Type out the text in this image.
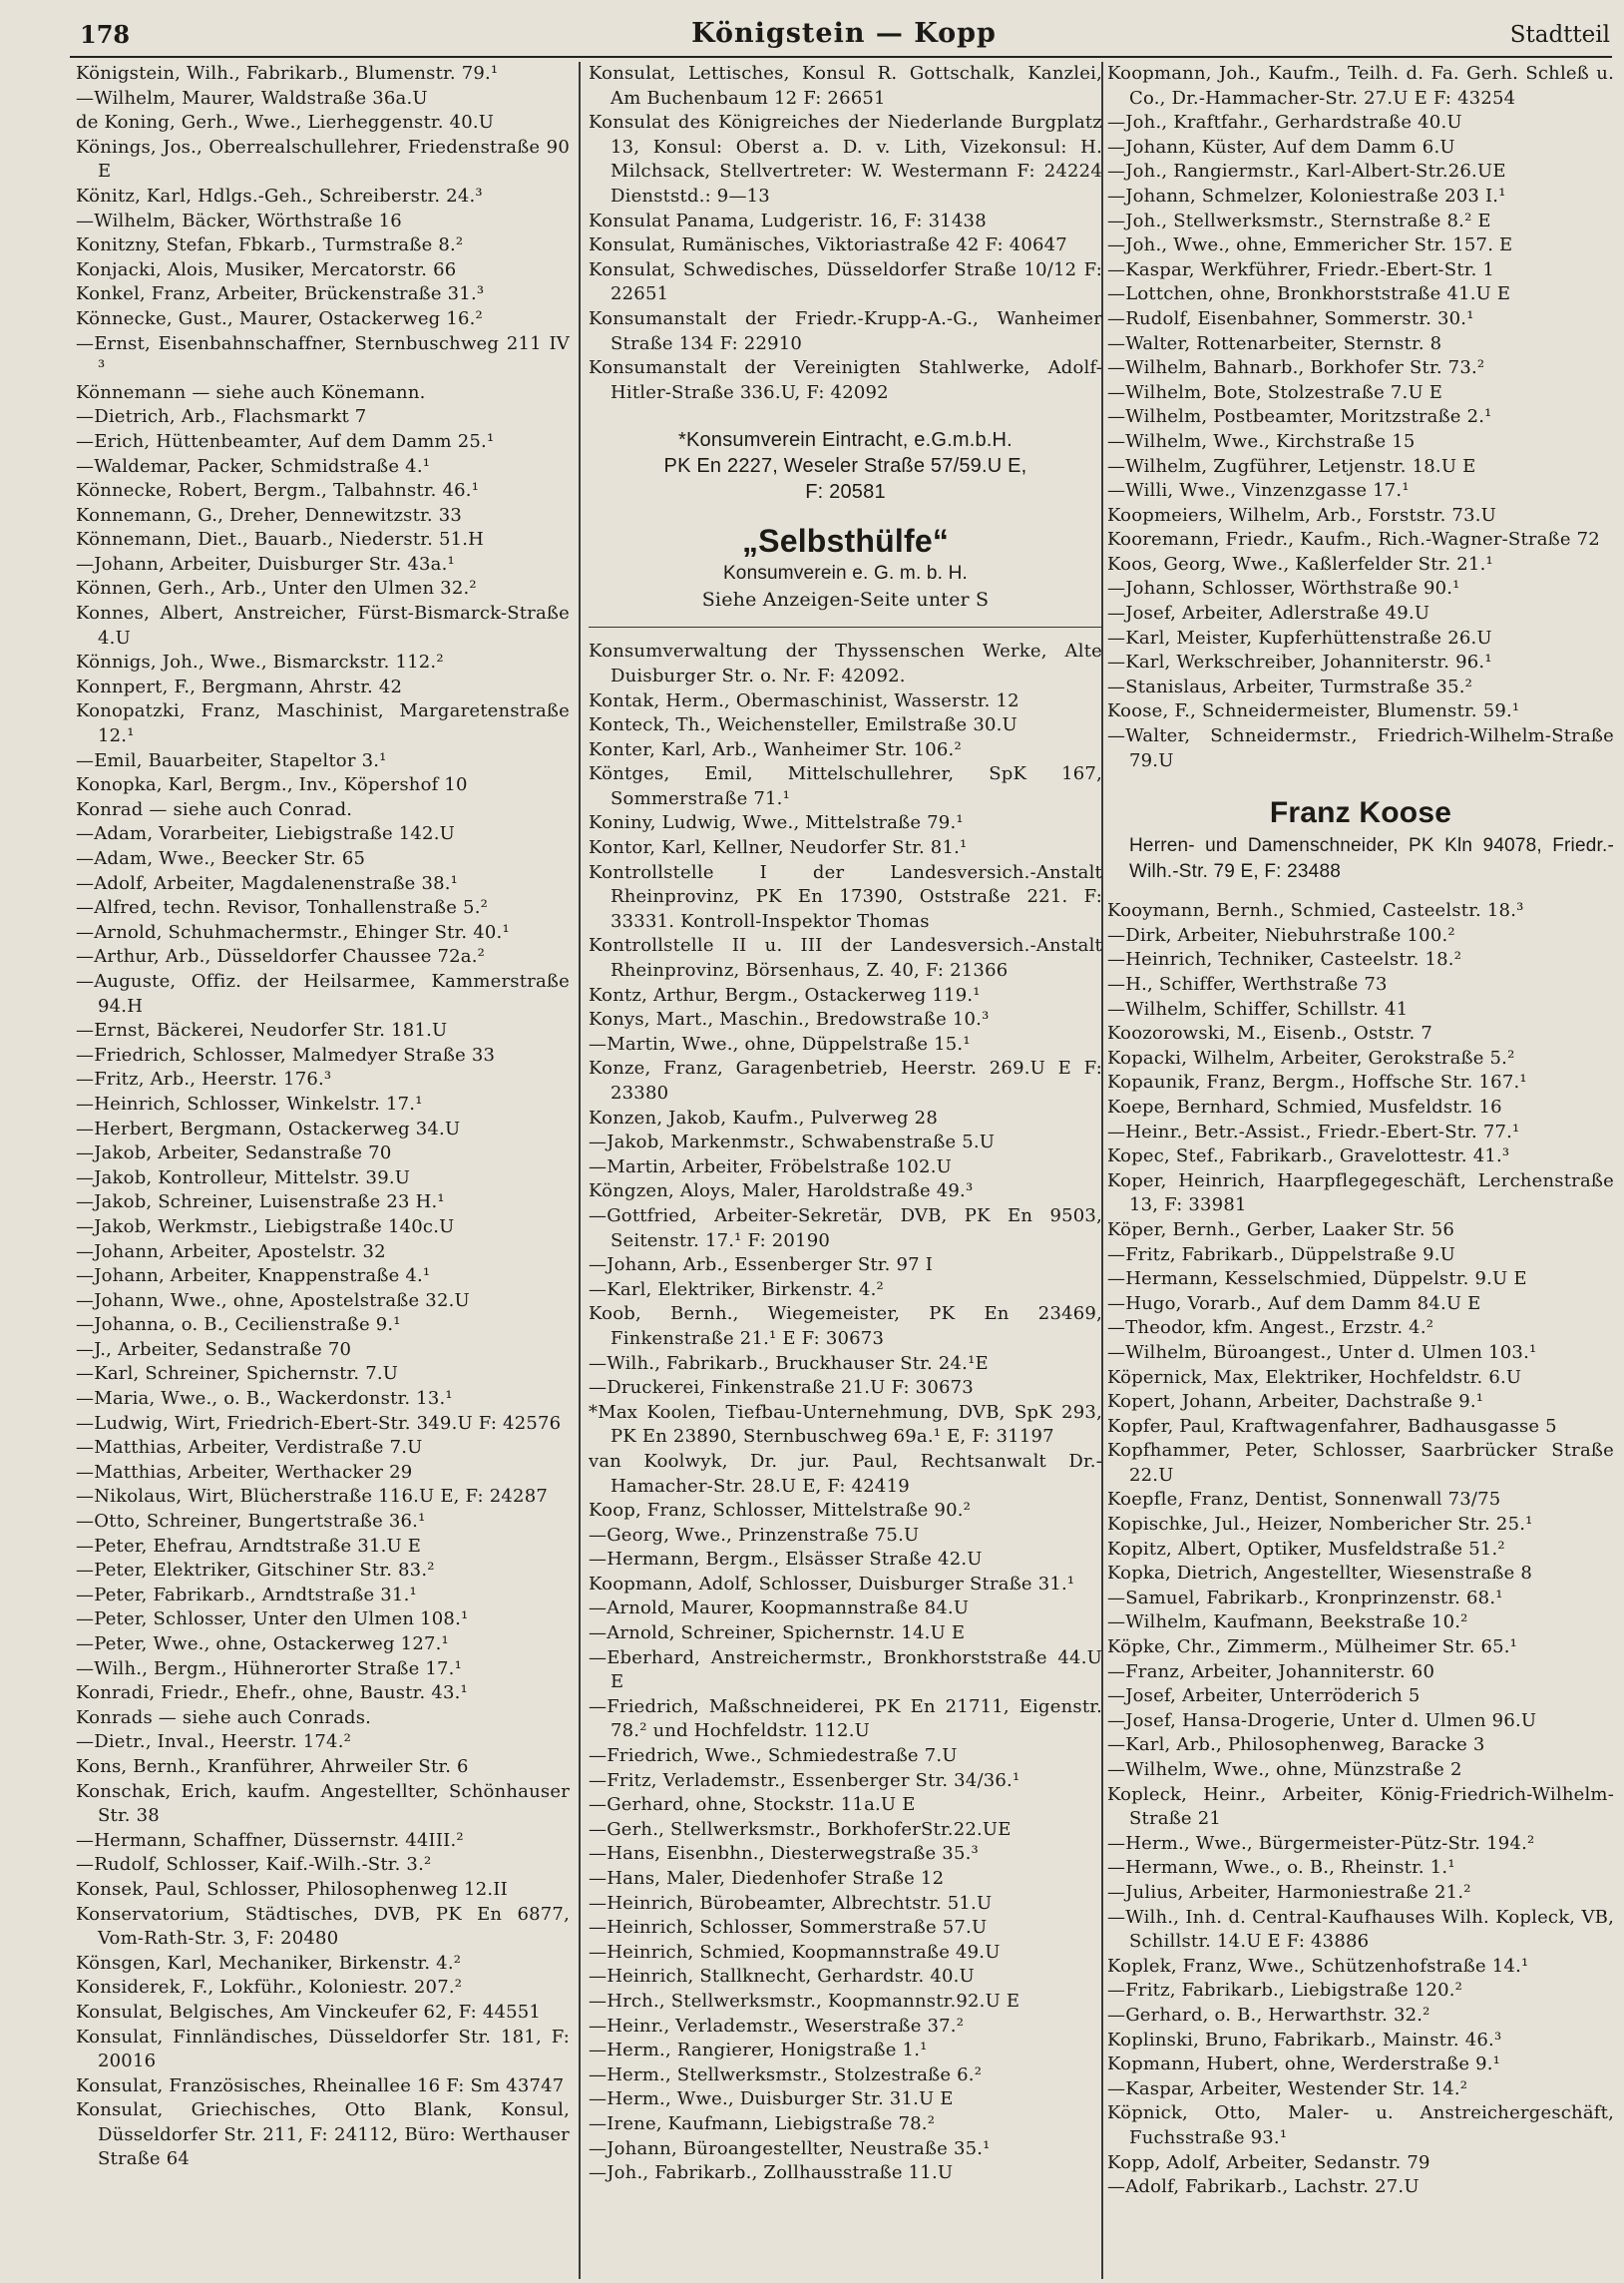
Königstein — Kopp
178	Stadtteil

Königstein, Wilh., Fabrikarb., Blumenstr. 79.¹

—Wilhelm, Maurer, Waldstraße 36a.U

de Koning, Gerh., Wwe., Lierheggenstr. 40.U

Könings, Jos., Oberrealschullehrer, Friedenstraße 90 E

Könitz, Karl, Hdlgs.-Geh., Schreiberstr. 24.³

—Wilhelm, Bäcker, Wörthstraße 16

Konitzny, Stefan, Fbkarb., Turmstraße 8.²

Konjacki, Alois, Musiker, Mercatorstr. 66

Konkel, Franz, Arbeiter, Brückenstraße 31.³

Könnecke, Gust., Maurer, Ostackerweg 16.²

—Ernst, Eisenbahnschaffner, Sternbuschweg 211 IV ³

Könnemann — siehe auch Könemann.

—Dietrich, Arb., Flachsmarkt 7

—Erich, Hüttenbeamter, Auf dem Damm 25.¹

—Waldemar, Packer, Schmidstraße 4.¹

Könnecke, Robert, Bergm., Talbahnstr. 46.¹

Konnemann, G., Dreher, Dennewitzstr. 33

Könnemann, Diet., Bauarb., Niederstr. 51.H

—Johann, Arbeiter, Duisburger Str. 43a.¹

Können, Gerh., Arb., Unter den Ulmen 32.²

Konnes, Albert, Anstreicher, Fürst-Bismarck-Straße 4.U

Könnigs, Joh., Wwe., Bismarckstr. 112.²

Konnpert, F., Bergmann, Ahrstr. 42

Konopatzki, Franz, Maschinist, Margaretenstraße 12.¹

—Emil, Bauarbeiter, Stapeltor 3.¹

Konopka, Karl, Bergm., Inv., Köpershof 10

Konrad — siehe auch Conrad.

—Adam, Vorarbeiter, Liebigstraße 142.U

—Adam, Wwe., Beecker Str. 65

—Adolf, Arbeiter, Magdalenenstraße 38.¹

—Alfred, techn. Revisor, Tonhallenstraße 5.²

—Arnold, Schuhmachermstr., Ehinger Str. 40.¹

—Arthur, Arb., Düsseldorfer Chaussee 72a.²

—Auguste, Offiz. der Heilsarmee, Kammerstraße 94.H

—Ernst, Bäckerei, Neudorfer Str. 181.U

—Friedrich, Schlosser, Malmedyer Straße 33

—Fritz, Arb., Heerstr. 176.³

—Heinrich, Schlosser, Winkelstr. 17.¹

—Herbert, Bergmann, Ostackerweg 34.U

—Jakob, Arbeiter, Sedanstraße 70

—Jakob, Kontrolleur, Mittelstr. 39.U

—Jakob, Schreiner, Luisenstraße 23 H.¹

—Jakob, Werkmstr., Liebigstraße 140c.U

—Johann, Arbeiter, Apostelstr. 32

—Johann, Arbeiter, Knappenstraße 4.¹

—Johann, Wwe., ohne, Apostelstraße 32.U

—Johanna, o. B., Cecilienstraße 9.¹

—J., Arbeiter, Sedanstraße 70

—Karl, Schreiner, Spichernstr. 7.U

—Maria, Wwe., o. B., Wackerdonstr. 13.¹

—Ludwig, Wirt, Friedrich-Ebert-Str. 349.U F: 42576

—Matthias, Arbeiter, Verdistraße 7.U

—Matthias, Arbeiter, Werthacker 29

—Nikolaus, Wirt, Blücherstraße 116.U E, F: 24287

—Otto, Schreiner, Bungertstraße 36.¹

—Peter, Ehefrau, Arndtstraße 31.U E

—Peter, Elektriker, Gitschiner Str. 83.²

—Peter, Fabrikarb., Arndtstraße 31.¹

—Peter, Schlosser, Unter den Ulmen 108.¹

—Peter, Wwe., ohne, Ostackerweg 127.¹

—Wilh., Bergm., Hühnerorter Straße 17.¹

Konradi, Friedr., Ehefr., ohne, Baustr. 43.¹

Konrads — siehe auch Conrads.

—Dietr., Inval., Heerstr. 174.²

Kons, Bernh., Kranführer, Ahrweiler Str. 6

Konschak, Erich, kaufm. Angestellter, Schönhauser Str. 38

—Hermann, Schaffner, Düssernstr. 44III.²

—Rudolf, Schlosser, Kaif.-Wilh.-Str. 3.²

Konsek, Paul, Schlosser, Philosophenweg 12.II

Konservatorium, Städtisches, DVB, PK En 6877, Vom-Rath-Str. 3, F: 20480

Könsgen, Karl, Mechaniker, Birkenstr. 4.²

Konsiderek, F., Lokführ., Koloniestr. 207.²

Konsulat, Belgisches, Am Vinckeufer 62, F: 44551

Konsulat, Finnländisches, Düsseldorfer Str. 181, F: 20016

Konsulat, Französisches, Rheinallee 16 F: Sm 43747

Konsulat, Griechisches, Otto Blank, Konsul, Düsseldorfer Str. 211, F: 24112, Büro: Werthauser Straße 64

Konsulat, Lettisches, Konsul R. Gottschalk, Kanzlei, Am Buchenbaum 12 F: 26651

Konsulat des Königreiches der Niederlande Burgplatz 13, Konsul: Oberst a. D. v. Lith, Vizekonsul: H. Milchsack, Stellvertreter: W. Westermann F: 24224 Dienststd.: 9—13

Konsulat Panama, Ludgeristr. 16, F: 31438

Konsulat, Rumänisches, Viktoriastraße 42 F: 40647

Konsulat, Schwedisches, Düsseldorfer Straße 10/12 F: 22651

Konsumanstalt der Friedr.-Krupp-A.-G., Wanheimer Straße 134 F: 22910

Konsumanstalt der Vereinigten Stahlwerke, Adolf-Hitler-Straße 336.U, F: 42092

*Konsumverein Eintracht, e.G.m.b.H.
PK En 2227, Weseler Straße 57/59.U E,
F: 20581
„Selbsthülfe“
Konsumverein e. G. m. b. H.
Siehe Anzeigen-Seite unter S

Konsumverwaltung der Thyssenschen Werke, Alte Duisburger Str. o. Nr. F: 42092.

Kontak, Herm., Obermaschinist, Wasserstr. 12

Konteck, Th., Weichensteller, Emilstraße 30.U

Konter, Karl, Arb., Wanheimer Str. 106.²

Köntges, Emil, Mittelschullehrer, SpK 167, Sommerstraße 71.¹

Koniny, Ludwig, Wwe., Mittelstraße 79.¹

Kontor, Karl, Kellner, Neudorfer Str. 81.¹

Kontrollstelle I der Landesversich.-Anstalt Rheinprovinz, PK En 17390, Oststraße 221. F: 33331. Kontroll-Inspektor Thomas

Kontrollstelle II u. III der Landesversich.-Anstalt Rheinprovinz, Börsenhaus, Z. 40, F: 21366

Kontz, Arthur, Bergm., Ostackerweg 119.¹

Konys, Mart., Maschin., Bredowstraße 10.³

—Martin, Wwe., ohne, Düppelstraße 15.¹

Konze, Franz, Garagenbetrieb, Heerstr. 269.U E F: 23380

Konzen, Jakob, Kaufm., Pulverweg 28

—Jakob, Markenmstr., Schwabenstraße 5.U

—Martin, Arbeiter, Fröbelstraße 102.U

Köngzen, Aloys, Maler, Haroldstraße 49.³

—Gottfried, Arbeiter-Sekretär, DVB, PK En 9503, Seitenstr. 17.¹ F: 20190

—Johann, Arb., Essenberger Str. 97 I

—Karl, Elektriker, Birkenstr. 4.²

Koob, Bernh., Wiegemeister, PK En 23469, Finkenstraße 21.¹ E F: 30673

—Wilh., Fabrikarb., Bruckhauser Str. 24.¹E

—Druckerei, Finkenstraße 21.U F: 30673

*Max Koolen, Tiefbau-Unternehmung, DVB, SpK 293, PK En 23890, Sternbuschweg 69a.¹ E, F: 31197

van Koolwyk, Dr. jur. Paul, Rechtsanwalt Dr.-Hamacher-Str. 28.U E, F: 42419

Koop, Franz, Schlosser, Mittelstraße 90.²

—Georg, Wwe., Prinzenstraße 75.U

—Hermann, Bergm., Elsässer Straße 42.U

Koopmann, Adolf, Schlosser, Duisburger Straße 31.¹

—Arnold, Maurer, Koopmannstraße 84.U

—Arnold, Schreiner, Spichernstr. 14.U E

—Eberhard, Anstreichermstr., Bronkhorststraße 44.U E

—Friedrich, Maßschneiderei, PK En 21711, Eigenstr. 78.² und Hochfeldstr. 112.U

—Friedrich, Wwe., Schmiedestraße 7.U

—Fritz, Verlademstr., Essenberger Str. 34/36.¹

—Gerhard, ohne, Stockstr. 11a.U E

—Gerh., Stellwerksmstr., BorkhoferStr.22.UE

—Hans, Eisenbhn., Diesterwegstraße 35.³

—Hans, Maler, Diedenhofer Straße 12

—Heinrich, Bürobeamter, Albrechtstr. 51.U

—Heinrich, Schlosser, Sommerstraße 57.U

—Heinrich, Schmied, Koopmannstraße 49.U

—Heinrich, Stallknecht, Gerhardstr. 40.U

—Hrch., Stellwerksmstr., Koopmannstr.92.U E

—Heinr., Verlademstr., Weserstraße 37.²

—Herm., Rangierer, Honigstraße 1.¹

—Herm., Stellwerksmstr., Stolzestraße 6.²

—Herm., Wwe., Duisburger Str. 31.U E

—Irene, Kaufmann, Liebigstraße 78.²

—Johann, Büroangestellter, Neustraße 35.¹

—Joh., Fabrikarb., Zollhausstraße 11.U

Koopmann, Joh., Kaufm., Teilh. d. Fa. Gerh. Schleß u. Co., Dr.-Hammacher-Str. 27.U E F: 43254

—Joh., Kraftfahr., Gerhardstraße 40.U

—Johann, Küster, Auf dem Damm 6.U

—Joh., Rangiermstr., Karl-Albert-Str.26.UE

—Johann, Schmelzer, Koloniestraße 203 I.¹

—Joh., Stellwerksmstr., Sternstraße 8.² E

—Joh., Wwe., ohne, Emmericher Str. 157. E

—Kaspar, Werkführer, Friedr.-Ebert-Str. 1

—Lottchen, ohne, Bronkhorststraße 41.U E

—Rudolf, Eisenbahner, Sommerstr. 30.¹

—Walter, Rottenarbeiter, Sternstr. 8

—Wilhelm, Bahnarb., Borkhofer Str. 73.²

—Wilhelm, Bote, Stolzestraße 7.U E

—Wilhelm, Postbeamter, Moritzstraße 2.¹

—Wilhelm, Wwe., Kirchstraße 15

—Wilhelm, Zugführer, Letjenstr. 18.U E

—Willi, Wwe., Vinzenzgasse 17.¹

Koopmeiers, Wilhelm, Arb., Forststr. 73.U

Kooremann, Friedr., Kaufm., Rich.-Wagner-Straße 72

Koos, Georg, Wwe., Kaßlerfelder Str. 21.¹

—Johann, Schlosser, Wörthstraße 90.¹

—Josef, Arbeiter, Adlerstraße 49.U

—Karl, Meister, Kupferhüttenstraße 26.U

—Karl, Werkschreiber, Johanniterstr. 96.¹

—Stanislaus, Arbeiter, Turmstraße 35.²

Koose, F., Schneidermeister, Blumenstr. 59.¹

—Walter, Schneidermstr., Friedrich-Wilhelm-Straße 79.U

Franz Koose
Herren- und Damenschneider, PK Kln 94078, Friedr.-Wilh.-Str. 79 E, F: 23488

Kooymann, Bernh., Schmied, Casteelstr. 18.³

—Dirk, Arbeiter, Niebuhrstraße 100.²

—Heinrich, Techniker, Casteelstr. 18.²

—H., Schiffer, Werthstraße 73

—Wilhelm, Schiffer, Schillstr. 41

Koozorowski, M., Eisenb., Oststr. 7

Kopacki, Wilhelm, Arbeiter, Gerokstraße 5.²

Kopaunik, Franz, Bergm., Hoffsche Str. 167.¹

Koepe, Bernhard, Schmied, Musfeldstr. 16

—Heinr., Betr.-Assist., Friedr.-Ebert-Str. 77.¹

Kopec, Stef., Fabrikarb., Gravelottestr. 41.³

Koper, Heinrich, Haarpflegegeschäft, Lerchenstraße 13, F: 33981

Köper, Bernh., Gerber, Laaker Str. 56

—Fritz, Fabrikarb., Düppelstraße 9.U

—Hermann, Kesselschmied, Düppelstr. 9.U E

—Hugo, Vorarb., Auf dem Damm 84.U E

—Theodor, kfm. Angest., Erzstr. 4.²

—Wilhelm, Büroangest., Unter d. Ulmen 103.¹

Köpernick, Max, Elektriker, Hochfeldstr. 6.U

Kopert, Johann, Arbeiter, Dachstraße 9.¹

Kopfer, Paul, Kraftwagenfahrer, Badhausgasse 5

Kopfhammer, Peter, Schlosser, Saarbrücker Straße 22.U

Koepfle, Franz, Dentist, Sonnenwall 73/75

Kopischke, Jul., Heizer, Nombericher Str. 25.¹

Kopitz, Albert, Optiker, Musfeldstraße 51.²

Kopka, Dietrich, Angestellter, Wiesenstraße 8

—Samuel, Fabrikarb., Kronprinzenstr. 68.¹

—Wilhelm, Kaufmann, Beekstraße 10.²

Köpke, Chr., Zimmerm., Mülheimer Str. 65.¹

—Franz, Arbeiter, Johanniterstr. 60

—Josef, Arbeiter, Unterröderich 5

—Josef, Hansa-Drogerie, Unter d. Ulmen 96.U

—Karl, Arb., Philosophenweg, Baracke 3

—Wilhelm, Wwe., ohne, Münzstraße 2

Kopleck, Heinr., Arbeiter, König-Friedrich-Wilhelm-Straße 21

—Herm., Wwe., Bürgermeister-Pütz-Str. 194.²

—Hermann, Wwe., o. B., Rheinstr. 1.¹

—Julius, Arbeiter, Harmoniestraße 21.²

—Wilh., Inh. d. Central-Kaufhauses Wilh. Kopleck, VB, Schillstr. 14.U E F: 43886

Koplek, Franz, Wwe., Schützenhofstraße 14.¹

—Fritz, Fabrikarb., Liebigstraße 120.²

—Gerhard, o. B., Herwarthstr. 32.²

Koplinski, Bruno, Fabrikarb., Mainstr. 46.³

Kopmann, Hubert, ohne, Werderstraße 9.¹

—Kaspar, Arbeiter, Westender Str. 14.²

Köpnick, Otto, Maler- u. Anstreichergeschäft, Fuchsstraße 93.¹

Kopp, Adolf, Arbeiter, Sedanstr. 79

—Adolf, Fabrikarb., Lachstr. 27.U
